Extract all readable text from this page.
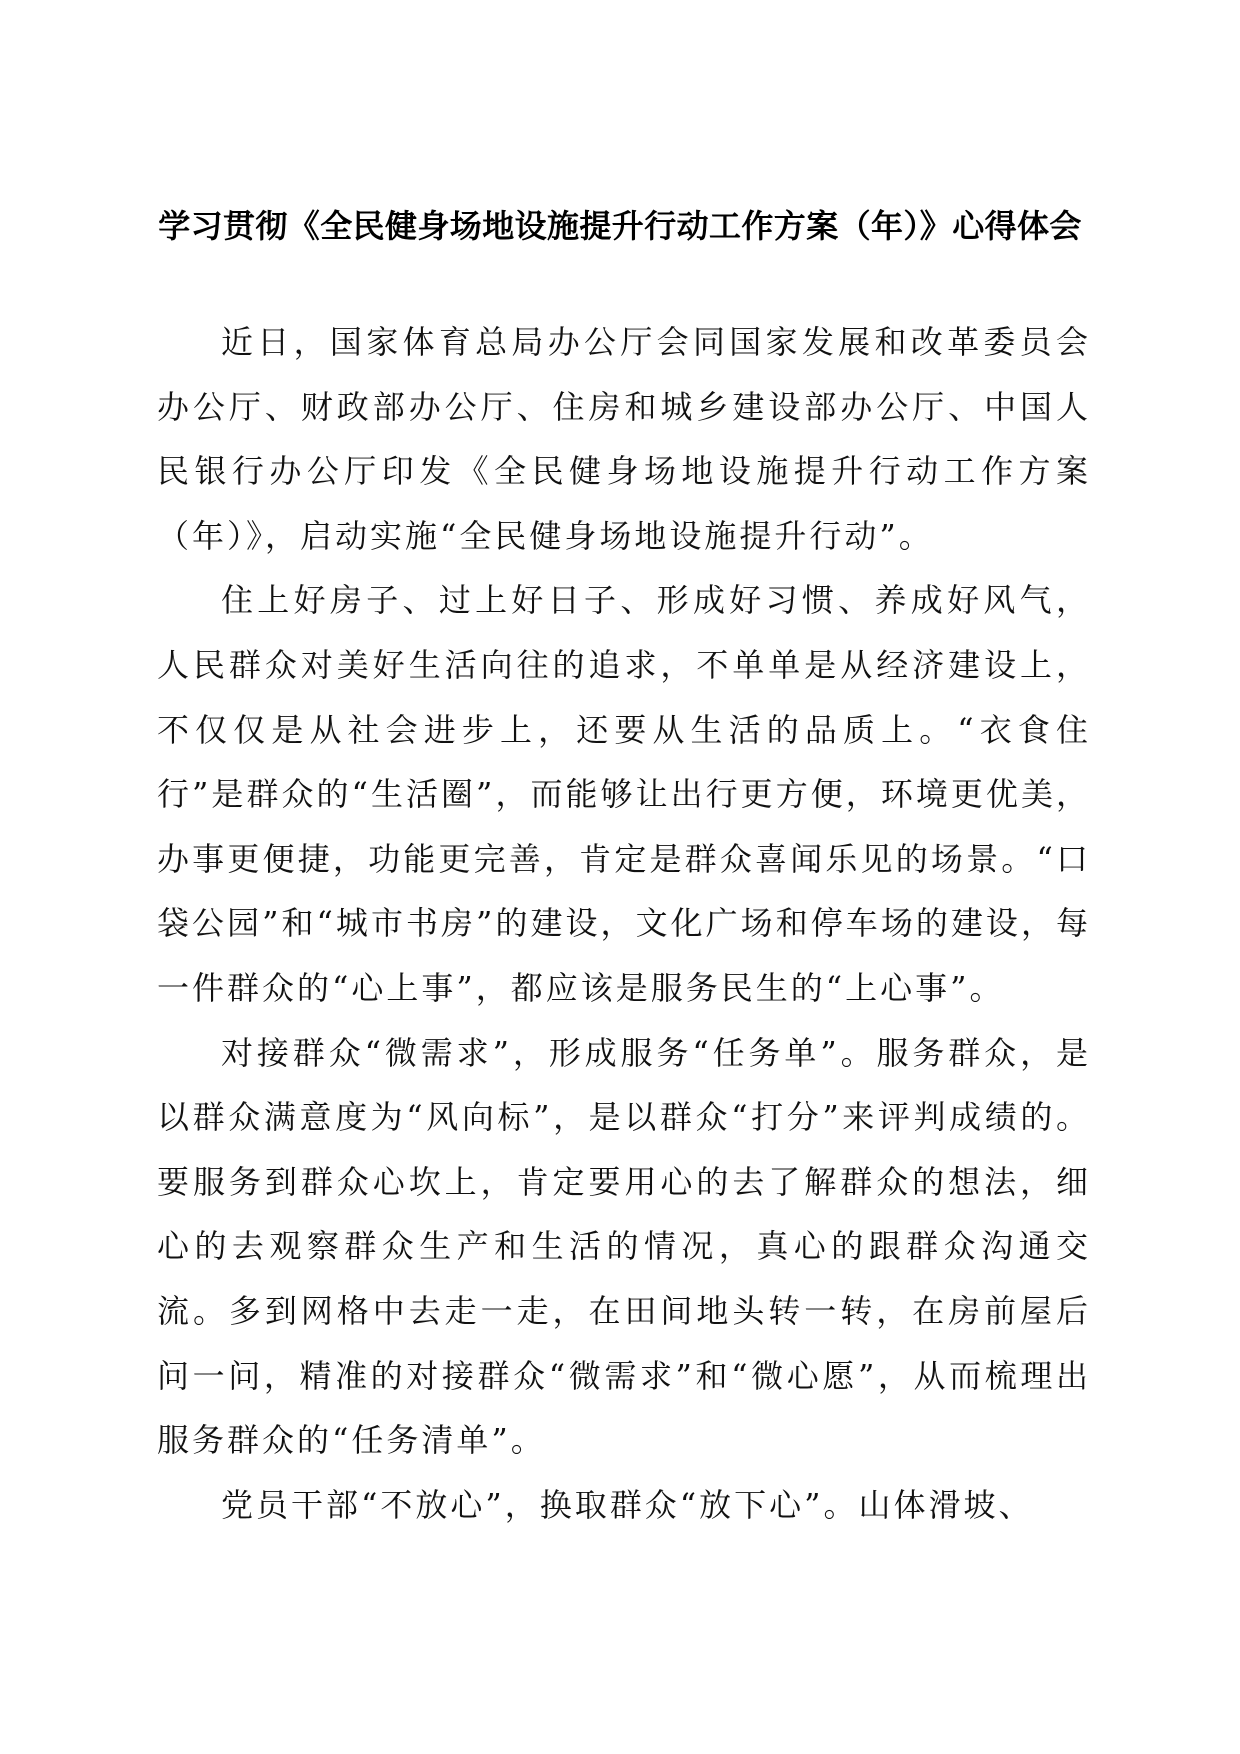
学习贯彻《全民健身场地设施提升行动工作方案（年）》心得体会

近日，国家体育总局办公厅会同国家发展和改革委员会办公厅、财政部办公厅、住房和城乡建设部办公厅、中国人民银行办公厅印发《全民健身场地设施提升行动工作方案（年）》，启动实施“全民健身场地设施提升行动”。

住上好房子、过上好日子、形成好习惯、养成好风气，人民群众对美好生活向往的追求，不单单是从经济建设上，不仅仅是从社会进步上，还要从生活的品质上。“衣食住行”是群众的“生活圈”，而能够让出行更方便，环境更优美，办事更便捷，功能更完善，肯定是群众喜闻乐见的场景。“口袋公园”和“城市书房”的建设，文化广场和停车场的建设，每一件群众的“心上事”，都应该是服务民生的“上心事”。

对接群众“微需求”，形成服务“任务单”。服务群众，是以群众满意度为“风向标”，是以群众“打分”来评判成绩的。要服务到群众心坎上，肯定要用心的去了解群众的想法，细心的去观察群众生产和生活的情况，真心的跟群众沟通交流。多到网格中去走一走，在田间地头转一转，在房前屋后问一问，精准的对接群众“微需求”和“微心愿”，从而梳理出服务群众的“任务清单”。

党员干部“不放心”，换取群众“放下心”。山体滑坡、
